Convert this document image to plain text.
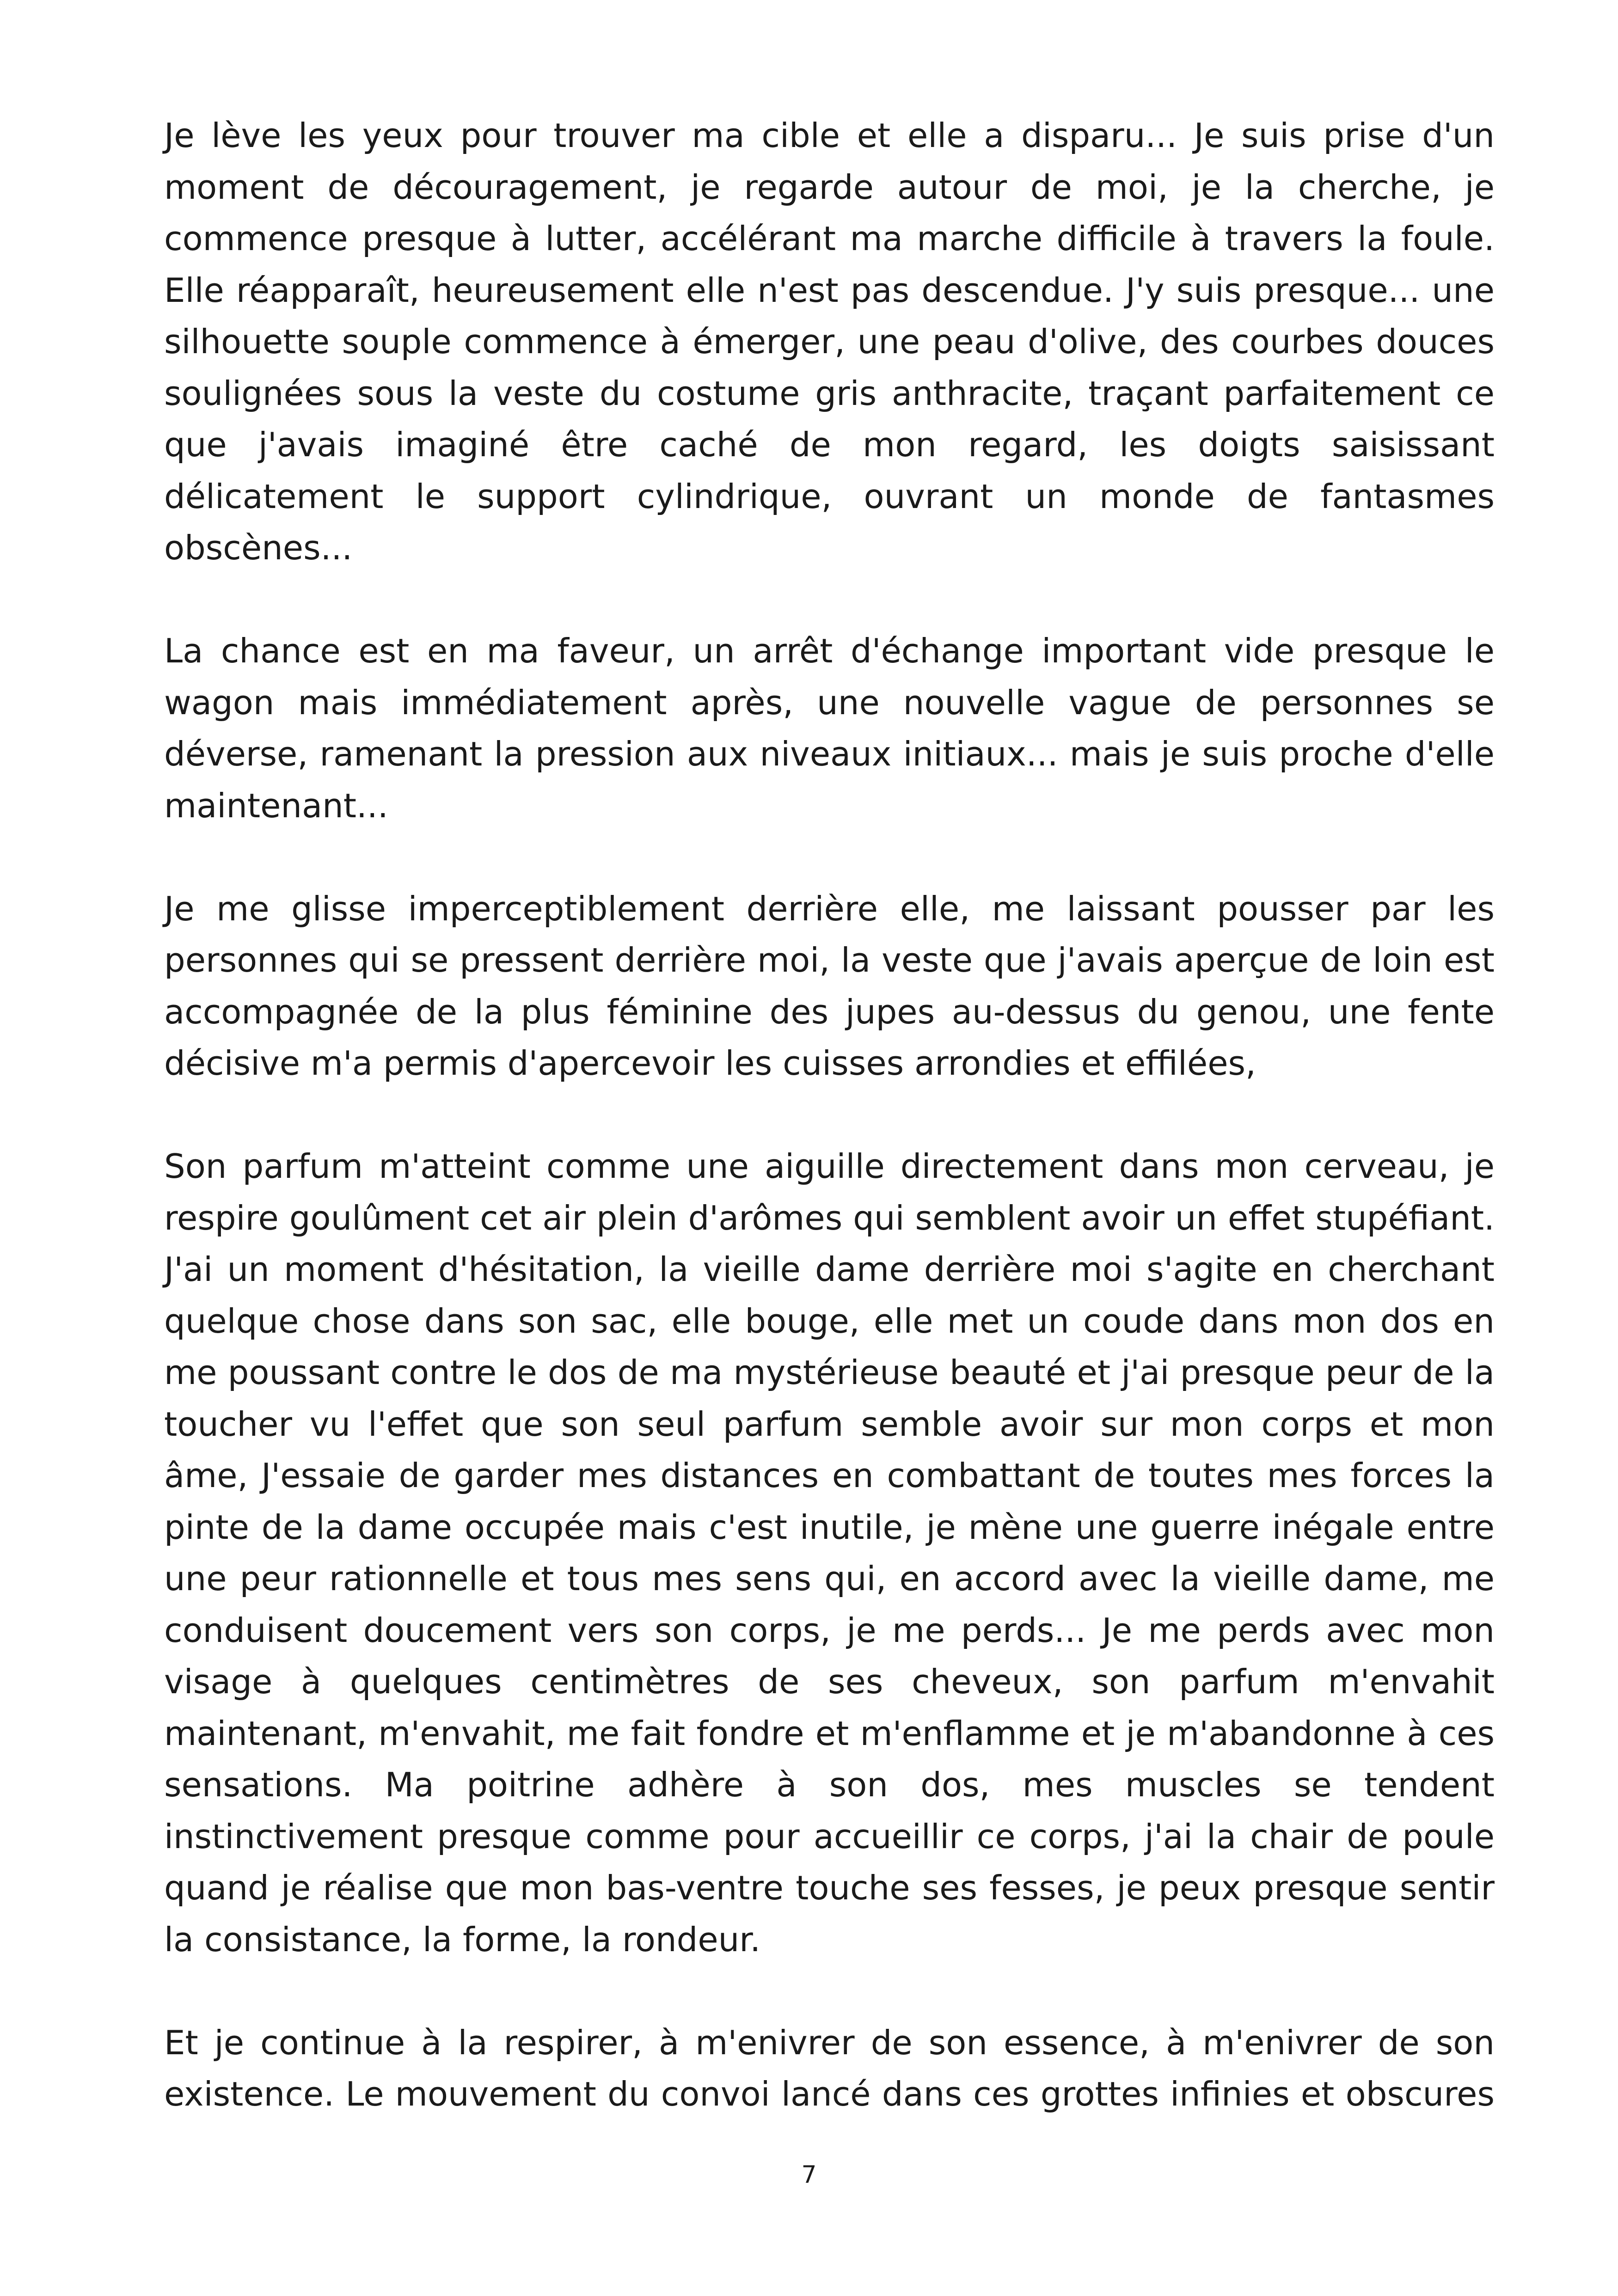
Je lève les yeux pour trouver ma cible et elle a disparu... Je suis prise d'un moment de découragement, je regarde autour de moi, je la cherche, je commence presque à lutter, accélérant ma marche difficile à travers la foule. Elle réapparaît, heureusement elle n'est pas descendue. J'y suis presque... une silhouette souple commence à émerger, une peau d'olive, des courbes douces soulignées sous la veste du costume gris anthracite, traçant parfaitement ce que j'avais imaginé être caché de mon regard, les doigts saisissant délicatement le support cylindrique, ouvrant un monde de fantasmes obscènes...

La chance est en ma faveur, un arrêt d'échange important vide presque le wagon mais immédiatement après, une nouvelle vague de personnes se déverse, ramenant la pression aux niveaux initiaux... mais je suis proche d'elle maintenant...

Je me glisse imperceptiblement derrière elle, me laissant pousser par les personnes qui se pressent derrière moi, la veste que j'avais aperçue de loin est accompagnée de la plus féminine des jupes au-dessus du genou, une fente décisive m'a permis d'apercevoir les cuisses arrondies et effilées,

Son parfum m'atteint comme une aiguille directement dans mon cerveau, je respire goulûment cet air plein d'arômes qui semblent avoir un effet stupéfiant. J'ai un moment d'hésitation, la vieille dame derrière moi s'agite en cherchant quelque chose dans son sac, elle bouge, elle met un coude dans mon dos en me poussant contre le dos de ma mystérieuse beauté et j'ai presque peur de la toucher vu l'effet que son seul parfum semble avoir sur mon corps et mon âme, J'essaie de garder mes distances en combattant de toutes mes forces la pinte de la dame occupée mais c'est inutile, je mène une guerre inégale entre une peur rationnelle et tous mes sens qui, en accord avec la vieille dame, me conduisent doucement vers son corps, je me perds... Je me perds avec mon visage à quelques centimètres de ses cheveux, son parfum m'envahit maintenant, m'envahit, me fait fondre et m'enflamme et je m'abandonne à ces sensations. Ma poitrine adhère à son dos, mes muscles se tendent instinctivement presque comme pour accueillir ce corps, j'ai la chair de poule quand je réalise que mon bas-ventre touche ses fesses, je peux presque sentir la consistance, la forme, la rondeur.

Et je continue à la respirer, à m'enivrer de son essence, à m'enivrer de son existence. Le mouvement du convoi lancé dans ces grottes infinies et obscures

7
